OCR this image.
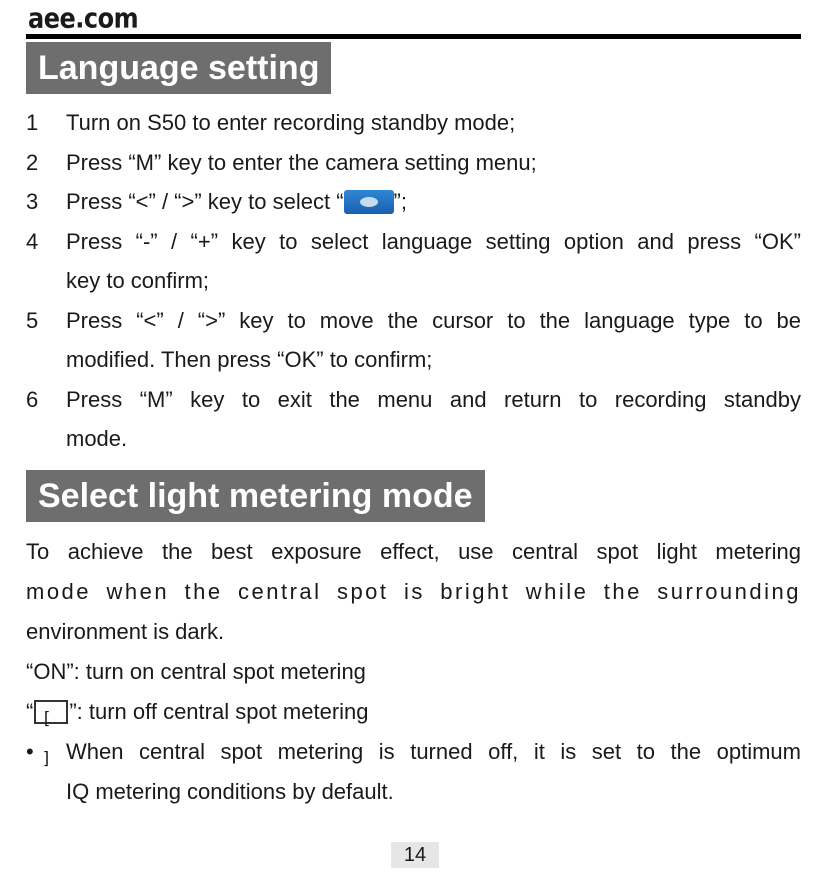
aee.com
Language setting
1	Turn on S50 to enter recording standby mode;
2	Press “M” key to enter the camera setting menu;
3	Press “<” / “>” key to select “ ”;
4	Press “-” / “+” key to select language setting option and press “OK”
key to confirm;
5	Press “<” / “>” key to move the cursor to the language type to be
modified. Then press “OK” to confirm;
6	Press “M” key to exit the menu and return to recording standby
mode.
Select light metering mode
To achieve the best exposure effect, use central spot light metering
mode when the central spot is bright while the surrounding
environment is dark.
“ON”: turn on central spot metering
“[ ] ”: turn off central spot metering
•	When central spot metering is turned off, it is set to the optimum
IQ metering conditions by default.
14
